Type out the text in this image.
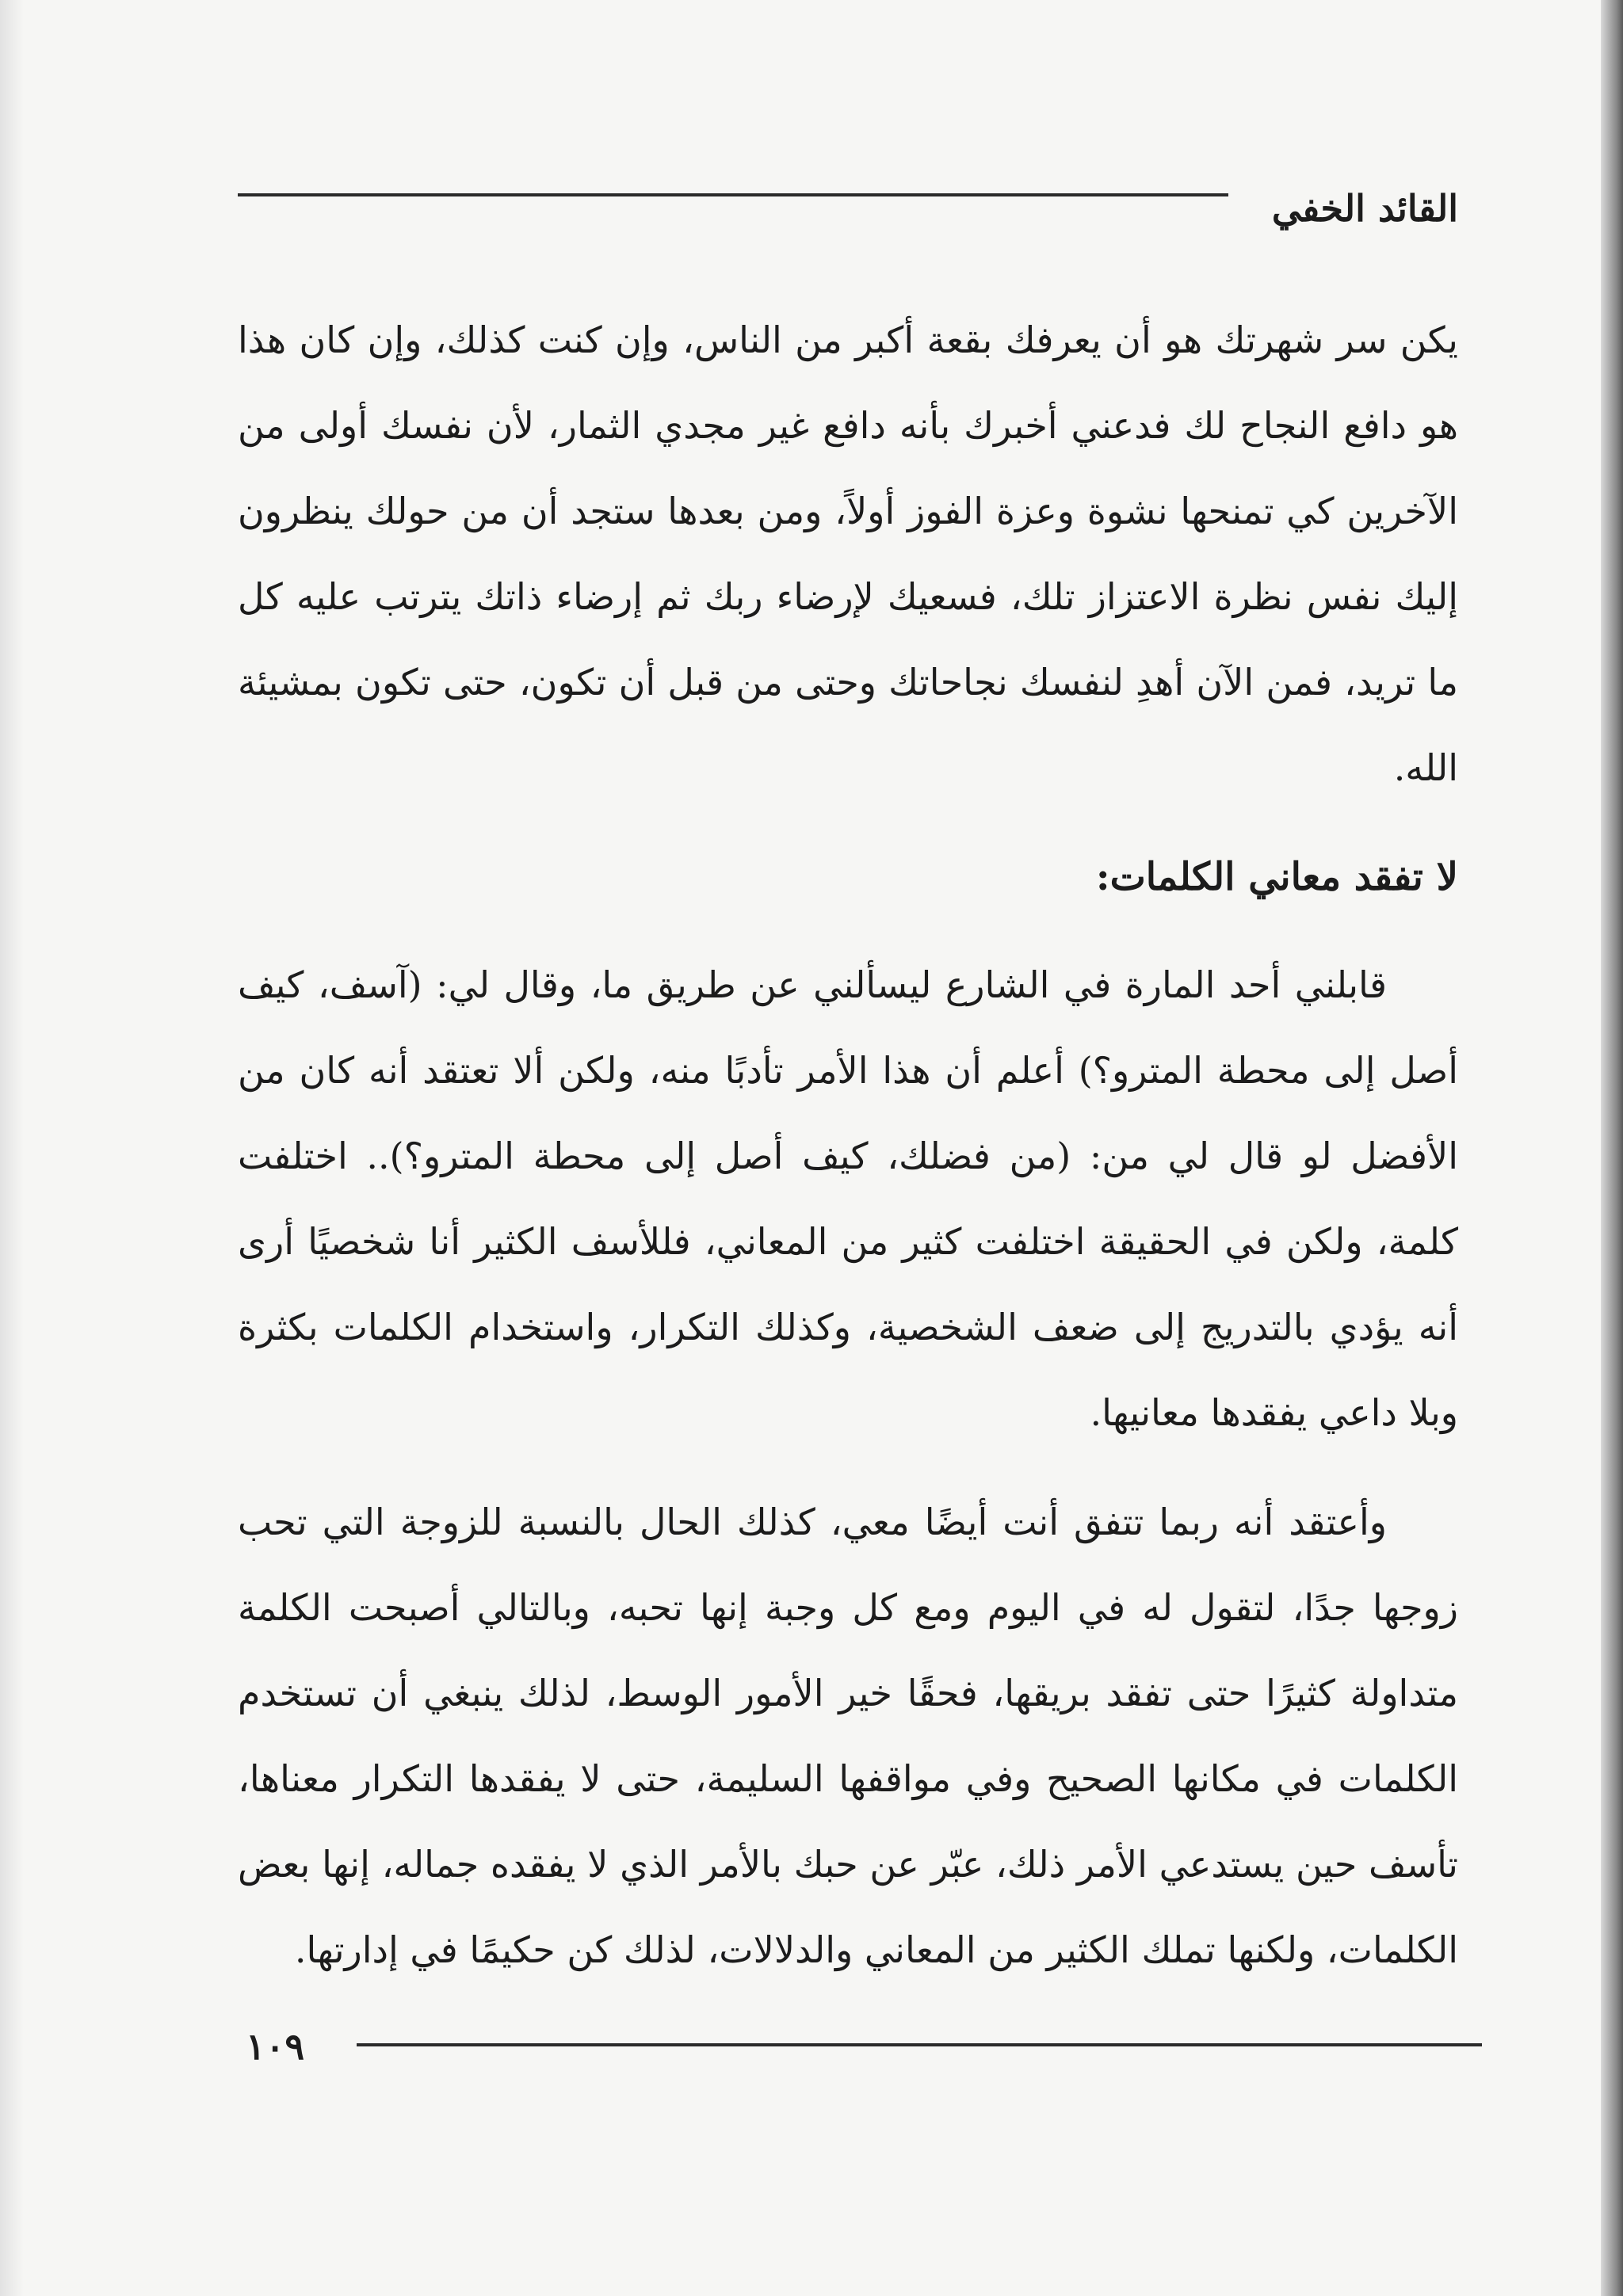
القائد الخفي

يكن سر شهرتك هو أن يعرفك بقعة أكبر من الناس، وإن كنت كذلك، وإن كان هذا هو دافع النجاح لك فدعني أخبرك بأنه دافع غير مجدي الثمار، لأن نفسك أولى من الآخرين كي تمنحها نشوة وعزة الفوز أولاً، ومن بعدها ستجد أن من حولك ينظرون إليك نفس نظرة الاعتزاز تلك، فسعيك لإرضاء ربك ثم إرضاء ذاتك يترتب عليه كل ما تريد، فمن الآن أهدِ لنفسك نجاحاتك وحتى من قبل أن تكون، حتى تكون بمشيئة الله.

لا تفقد معاني الكلمات:

قابلني أحد المارة في الشارع ليسألني عن طريق ما، وقال لي: (آسف، كيف أصل إلى محطة المترو؟) أعلم أن هذا الأمر تأدبًا منه، ولكن ألا تعتقد أنه كان من الأفضل لو قال لي من: (من فضلك، كيف أصل إلى محطة المترو؟).. اختلفت كلمة، ولكن في الحقيقة اختلفت كثير من المعاني، فللأسف الكثير أنا شخصيًا أرى أنه يؤدي بالتدريج إلى ضعف الشخصية، وكذلك التكرار، واستخدام الكلمات بكثرة وبلا داعي يفقدها معانيها.

وأعتقد أنه ربما تتفق أنت أيضًا معي، كذلك الحال بالنسبة للزوجة التي تحب زوجها جدًا، لتقول له في اليوم ومع كل وجبة إنها تحبه، وبالتالي أصبحت الكلمة متداولة كثيرًا حتى تفقد بريقها، فحقًا خير الأمور الوسط، لذلك ينبغي أن تستخدم الكلمات في مكانها الصحيح وفي مواقفها السليمة، حتى لا يفقدها التكرار معناها، تأسف حين يستدعي الأمر ذلك، عبّر عن حبك بالأمر الذي لا يفقده جماله، إنها بعض الكلمات، ولكنها تملك الكثير من المعاني والدلالات، لذلك كن حكيمًا في إدارتها.

١٠٩
